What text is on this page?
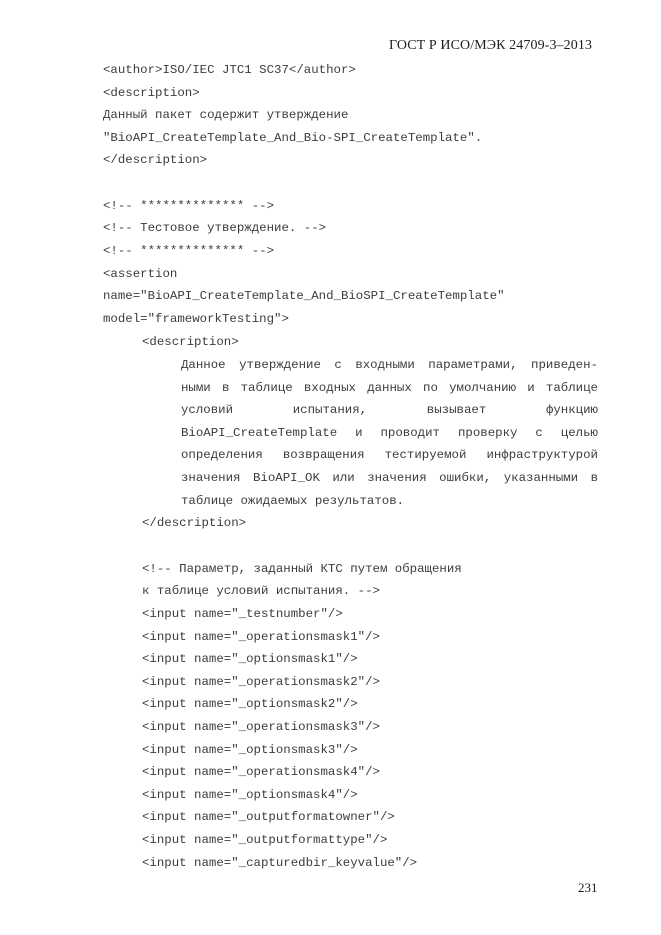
ГОСТ Р ИСО/МЭК 24709-3–2013
<author>ISO/IEC JTC1 SC37</author>
<description>
Данный пакет содержит утверждение
"BioAPI_CreateTemplate_And_Bio-SPI_CreateTemplate".
</description>
<!-- ************** -->
<!-- Тестовое утверждение. -->
<!-- ************** -->
<assertion
name="BioAPI_CreateTemplate_And_BioSPI_CreateTemplate"
model="frameworkTesting">
<description>
Данное утверждение с входными параметрами, приведен-
ными в таблице входных данных по умолчанию и таблице
условий	испытания,	вызывает	функцию
BioAPI_CreateTemplate и проводит проверку с целью
определения возвращения тестируемой инфраструктурой
значения BioAPI_OK или значения ошибки, указанными в
таблице ожидаемых результатов.
</description>
<!-- Параметр, заданный КТС путем обращения
к таблице условий испытания. -->
<input name="_testnumber"/>
<input name="_operationsmask1"/>
<input name="_optionsmask1"/>
<input name="_operationsmask2"/>
<input name="_optionsmask2"/>
<input name="_operationsmask3"/>
<input name="_optionsmask3"/>
<input name="_operationsmask4"/>
<input name="_optionsmask4"/>
<input name="_outputformatowner"/>
<input name="_outputformattype"/>
<input name="_capturedbir_keyvalue"/>
231
